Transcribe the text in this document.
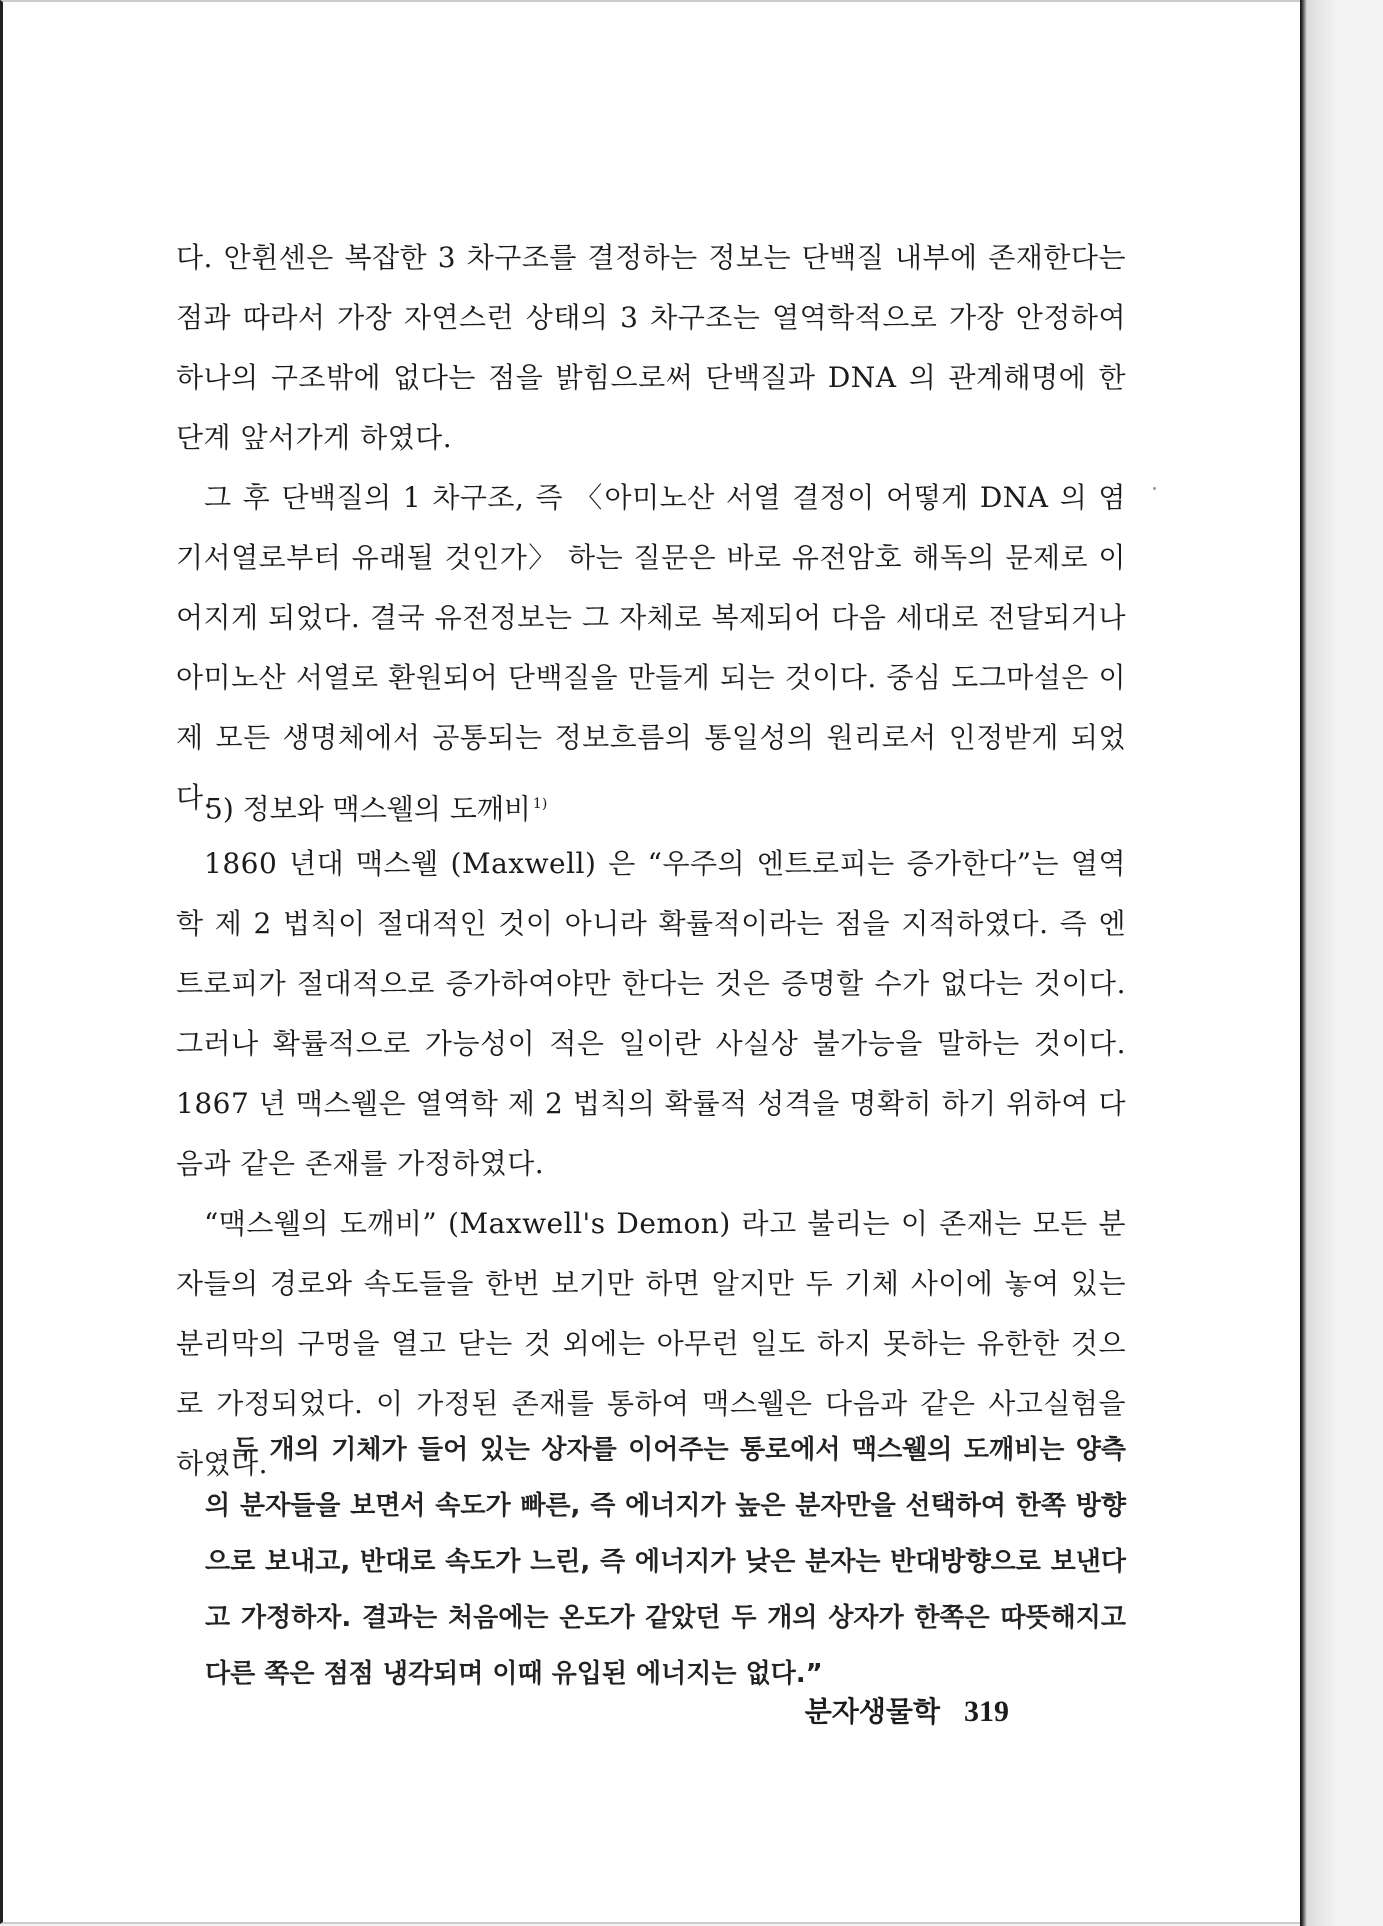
다. 안휜센은 복잡한 3 차구조를 결정하는 정보는 단백질 내부에 존재한다는 점과 따라서 가장 자연스런 상태의 3 차구조는 열역학적으로 가장 안정하여 하나의 구조밖에 없다는 점을 밝힘으로써 단백질과 DNA 의 관계해명에 한 단계 앞서가게 하였다.

그 후 단백질의 1 차구조, 즉 〈아미노산 서열 결정이 어떻게 DNA 의 염기서열로부터 유래될 것인가〉 하는 질문은 바로 유전암호 해독의 문제로 이어지게 되었다. 결국 유전정보는 그 자체로 복제되어 다음 세대로 전달되거나 아미노산 서열로 환원되어 단백질을 만들게 되는 것이다. 중심 도그마설은 이제 모든 생명체에서 공통되는 정보흐름의 통일성의 원리로서 인정받게 되었다.

5) 정보와 맥스웰의 도깨비 $^{1)}$

1860 년대 맥스웰 (Maxwell) 은 “우주의 엔트로피는 증가한다”는 열역학 제 2 법칙이 절대적인 것이 아니라 확률적이라는 점을 지적하였다. 즉 엔트로피가 절대적으로 증가하여야만 한다는 것은 증명할 수가 없다는 것이다. 그러나 확률적으로 가능성이 적은 일이란 사실상 불가능을 말하는 것이다. 1867 년 맥스웰은 열역학 제 2 법칙의 확률적 성격을 명확히 하기 위하여 다음과 같은 존재를 가정하였다.

“맥스웰의 도깨비” (Maxwell's Demon) 라고 불리는 이 존재는 모든 분자들의 경로와 속도들을 한번 보기만 하면 알지만 두 기체 사이에 놓여 있는 분리막의 구멍을 열고 닫는 것 외에는 아무런 일도 하지 못하는 유한한 것으로 가정되었다. 이 가정된 존재를 통하여 맥스웰은 다음과 같은 사고실험을 하였다.

두 개의 기체가 들어 있는 상자를 이어주는 통로에서 맥스웰의 도깨비는 양측의 분자들을 보면서 속도가 빠른, 즉 에너지가 높은 분자만을 선택하여 한쪽 방향으로 보내고, 반대로 속도가 느린, 즉 에너지가 낮은 분자는 반대방향으로 보낸다고 가정하자. 결과는 처음에는 온도가 같았던 두 개의 상자가 한쪽은 따뜻해지고 다른 쪽은 점점 냉각되며 이때 유입된 에너지는 없다.”

분자생물학 319
